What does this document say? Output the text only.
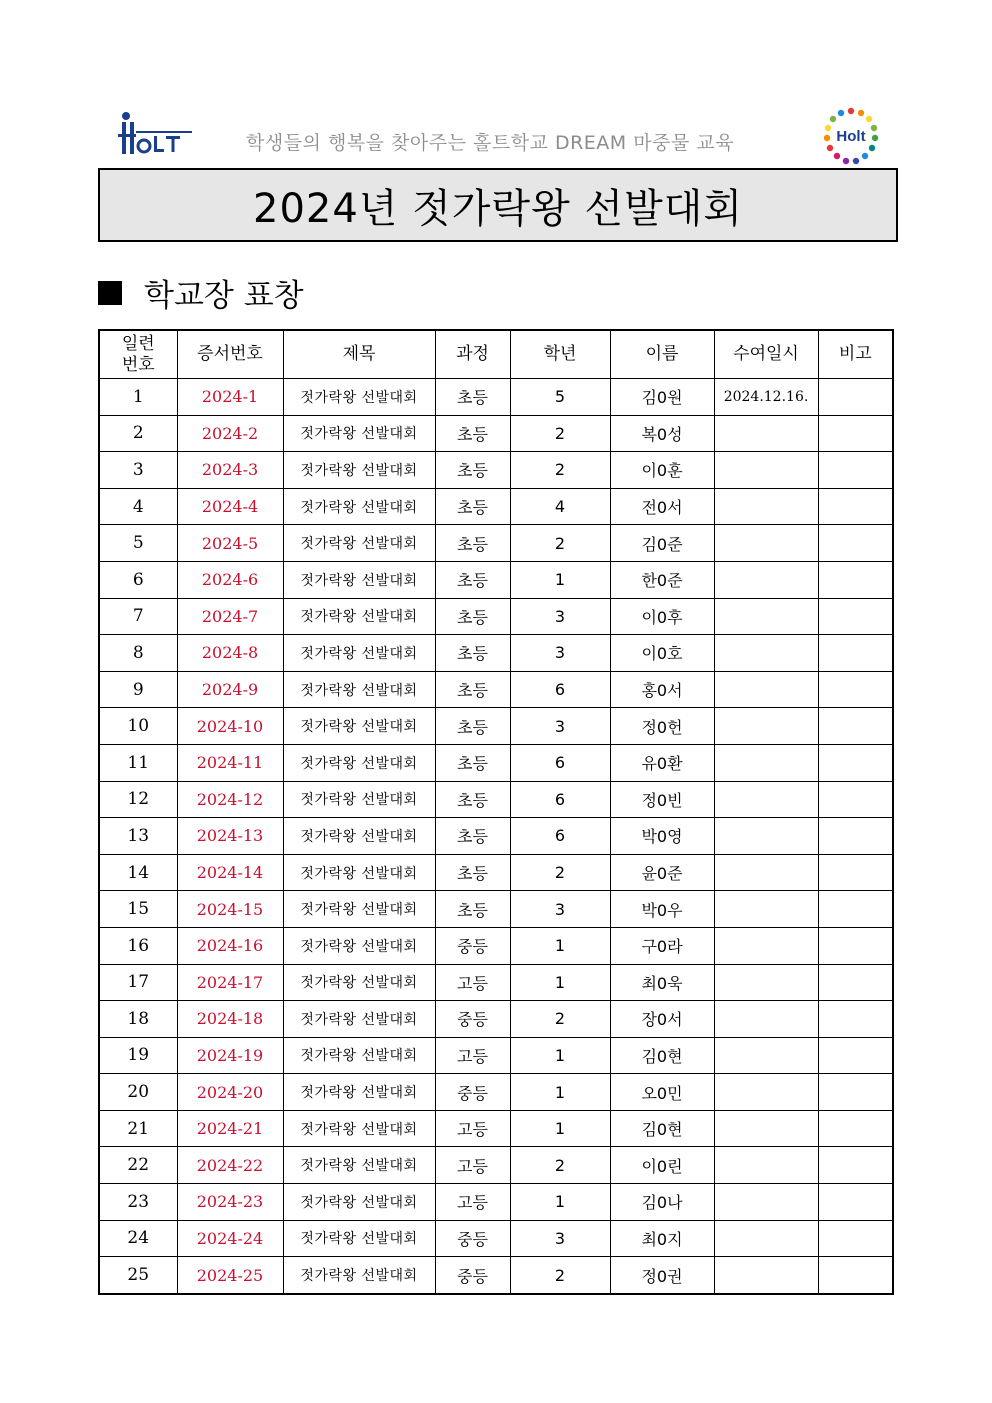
학생들의 행복을 찾아주는 홀트학교 DREAM 마중물 교육	Holt
2024년 젓가락왕 선발대회
학교장 표창
일련
번호	증서번호	제목	과정	학년	이름	수여일시	비고
1	2024-1	젓가락왕 선발대회	초등	5	김0원	2024.12.16.	
2	2024-2	젓가락왕 선발대회	초등	2	복0성		
3	2024-3	젓가락왕 선발대회	초등	2	이0훈		
4	2024-4	젓가락왕 선발대회	초등	4	전0서		
5	2024-5	젓가락왕 선발대회	초등	2	김0준		
6	2024-6	젓가락왕 선발대회	초등	1	한0준		
7	2024-7	젓가락왕 선발대회	초등	3	이0후		
8	2024-8	젓가락왕 선발대회	초등	3	이0호		
9	2024-9	젓가락왕 선발대회	초등	6	홍0서		
10	2024-10	젓가락왕 선발대회	초등	3	정0헌		
11	2024-11	젓가락왕 선발대회	초등	6	유0환		
12	2024-12	젓가락왕 선발대회	초등	6	정0빈		
13	2024-13	젓가락왕 선발대회	초등	6	박0영		
14	2024-14	젓가락왕 선발대회	초등	2	윤0준		
15	2024-15	젓가락왕 선발대회	초등	3	박0우		
16	2024-16	젓가락왕 선발대회	중등	1	구0라		
17	2024-17	젓가락왕 선발대회	고등	1	최0욱		
18	2024-18	젓가락왕 선발대회	중등	2	장0서		
19	2024-19	젓가락왕 선발대회	고등	1	김0현		
20	2024-20	젓가락왕 선발대회	중등	1	오0민		
21	2024-21	젓가락왕 선발대회	고등	1	김0현		
22	2024-22	젓가락왕 선발대회	고등	2	이0린		
23	2024-23	젓가락왕 선발대회	고등	1	김0나		
24	2024-24	젓가락왕 선발대회	중등	3	최0지		
25	2024-25	젓가락왕 선발대회	중등	2	정0권		
